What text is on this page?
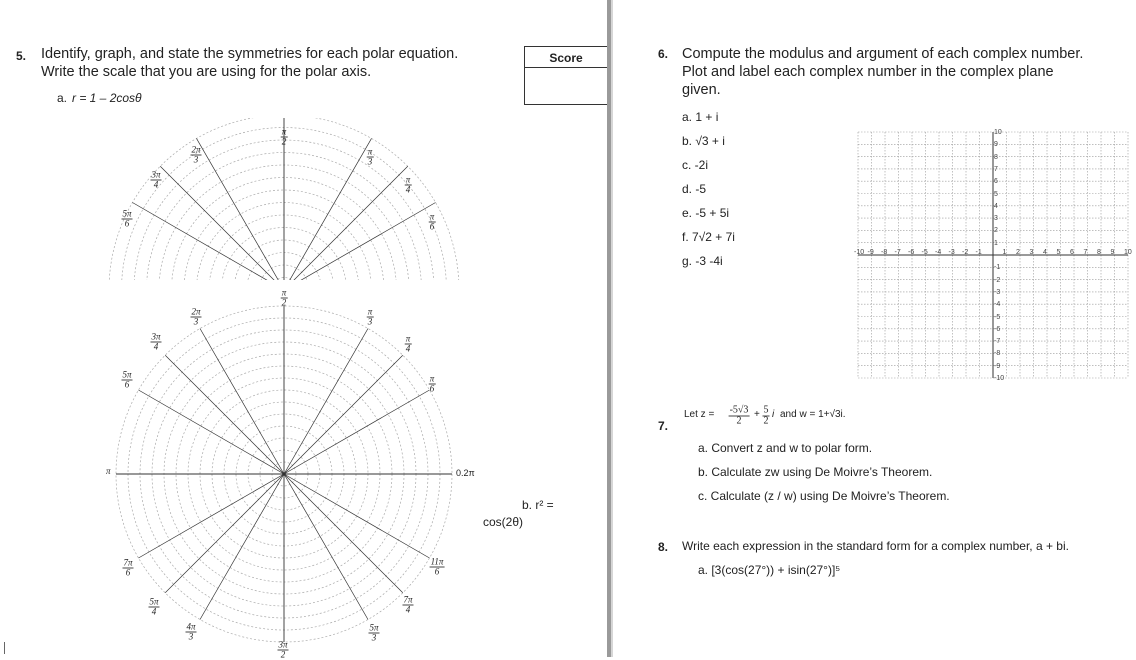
5. Identify, graph, and state the symmetries for each polar equation.
Write the scale that you are using for the polar axis.
a. r = 1 – 2cosθ
Score
2π
3
π
2
π
3
3π
4	π
4
5π
6
π
6
π
2
2π
3
π
3
3π
4
π
4
5π
6
π
6
7π
6
11π
6
5π
4
7π
4
4π
3
5π
3
3π
2
π	0.2π
b. r² =
cos(2θ)
6. Compute the modulus and argument of each complex number.
Plot and label each complex number in the complex plane
given.
a. 1 + i
b. √3 + i
c. -2i
d. -5
e. -5 + 5i
f. 7√2 + 7i
g. -3 -4i
10
9
8
7
6
5
4
3
2
1
-1
-2
-3
-4
-5
-6
-7
-8
-9
-10
-10 -9 -8 -7 -6 -5 -4 -3 -2 -1	1 2 3 4 5 6 7 8 9 10
7.
Let z = -5√3
2
+ 5
2
i and w = 1+√3i.
a. Convert z and w to polar form.
b. Calculate zw using De Moivre’s Theorem.
c. Calculate (z / w) using De Moivre’s Theorem.
8. Write each expression in the standard form for a complex number, a + bi.
a. [3(cos(27°)) + isin(27°)]⁵
